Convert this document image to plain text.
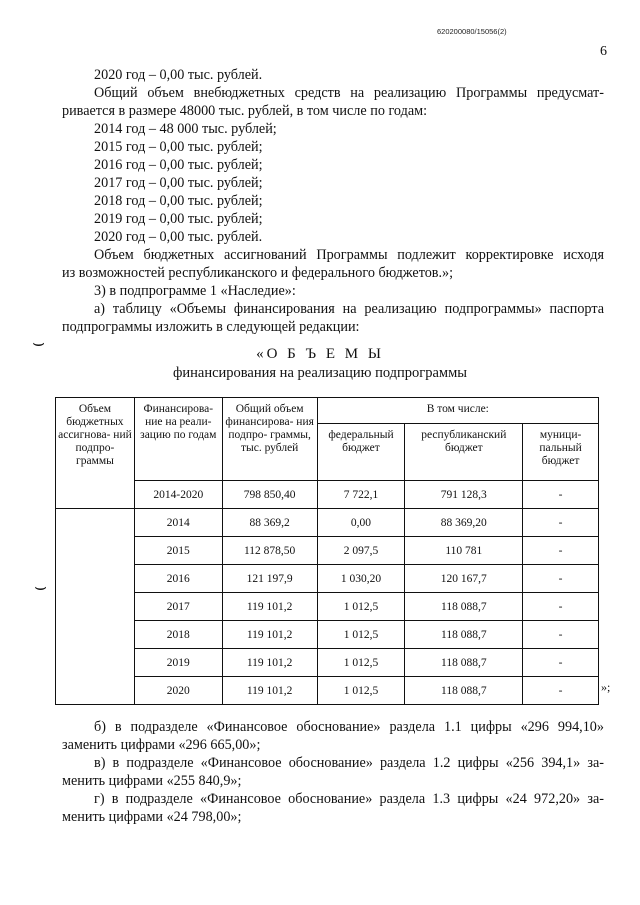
620200080/15056(2)
6
2020 год – 0,00 тыс. рублей.
Общий объем внебюджетных средств на реализацию Программы предусмат-
ривается в размере 48000 тыс. рублей, в том числе по годам:
2014 год – 48 000 тыс. рублей;
2015 год – 0,00 тыс. рублей;
2016 год – 0,00 тыс. рублей;
2017 год – 0,00 тыс. рублей;
2018 год – 0,00 тыс. рублей;
2019 год – 0,00 тыс. рублей;
2020 год – 0,00 тыс. рублей.
Объем бюджетных ассигнований Программы подлежит корректировке исходя
из возможностей республиканского и федерального бюджетов.»;
3) в подпрограмме 1 «Наследие»:
а) таблицу «Объемы финансирования на реализацию подпрограммы» паспорта
подпрограммы изложить в следующей редакции:
⌣
⌣
«О Б Ъ Е М Ы
финансирования на реализацию подпрограммы
Объем бюджетных ассигнова- ний подпро- граммы	Финансирова- ние на реали- зацию по годам	Общий объем финансирова- ния подпро- граммы, тыс. рублей	В том числе:		
			федеральный бюджет	республиканский бюджет	муници- пальный бюджет
	2014-2020	798 850,40	7 722,1	791 128,3	-
	2014	88 369,2	0,00	88 369,20	-
	2015	112 878,50	2 097,5	110 781	-
	2016	121 197,9	1 030,20	120 167,7	-
	2017	119 101,2	1 012,5	118 088,7	-
	2018	119 101,2	1 012,5	118 088,7	-
	2019	119 101,2	1 012,5	118 088,7	-
	2020	119 101,2	1 012,5	118 088,7	-	»;
б) в подразделе «Финансовое обоснование» раздела 1.1 цифры «296 994,10»
заменить цифрами «296 665,00»;
в) в подразделе «Финансовое обоснование» раздела 1.2 цифры «256 394,1» за-
менить цифрами «255 840,9»;
г) в подразделе «Финансовое обоснование» раздела 1.3 цифры «24 972,20» за-
менить цифрами «24 798,00»;
